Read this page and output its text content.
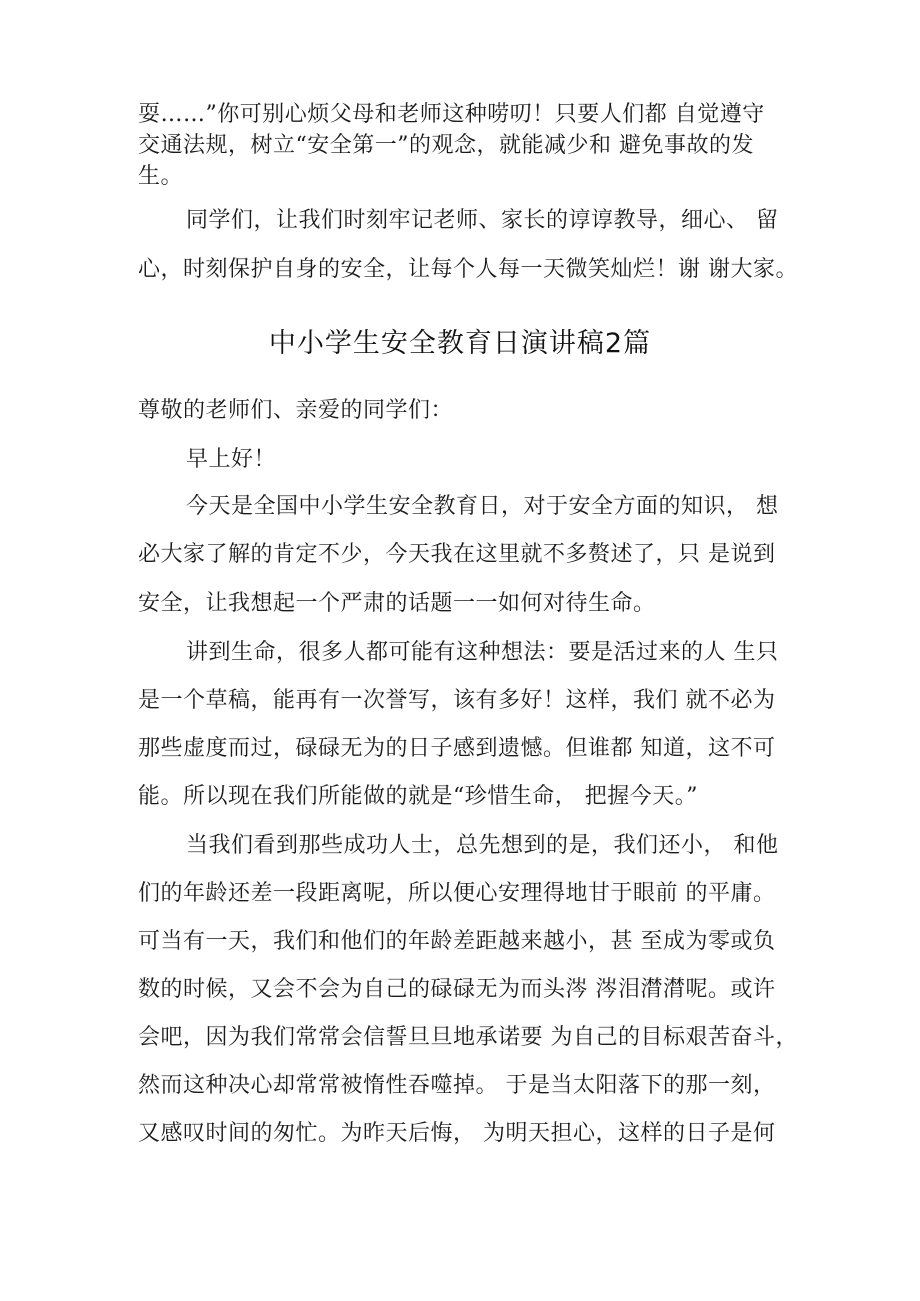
耍……”你可别心烦父母和老师这种唠叨！只要人们都 自觉遵守
交通法规，树立“安全第一”的观念，就能减少和 避免事故的发
生。
同学们，让我们时刻牢记老师、家长的谆谆教导，细心、 留
心，时刻保护自身的安全，让每个人每一天微笑灿烂！谢 谢大家。
中小学生安全教育日演讲稿2篇
尊敬的老师们、亲爱的同学们：
早上好！
今天是全国中小学生安全教育日，对于安全方面的知识， 想
必大家了解的肯定不少，今天我在这里就不多赘述了，只 是说到
安全，让我想起一个严肃的话题一一如何对待生命。
讲到生命，很多人都可能有这种想法：要是活过来的人 生只
是一个草稿，能再有一次誉写，该有多好！这样，我们 就不必为
那些虚度而过，碌碌无为的日子感到遗憾。但谁都 知道，这不可
能。所以现在我们所能做的就是“珍惜生命， 把握今天。”
当我们看到那些成功人士，总先想到的是，我们还小， 和他
们的年龄还差一段距离呢，所以便心安理得地甘于眼前 的平庸。
可当有一天，我们和他们的年龄差距越来越小，甚 至成为零或负
数的时候，又会不会为自己的碌碌无为而头涔 涔泪潸潸呢。或许
会吧，因为我们常常会信誓旦旦地承诺要 为自己的目标艰苦奋斗，
然而这种决心却常常被惰性吞噬掉。 于是当太阳落下的那一刻，
又感叹时间的匆忙。为昨天后悔， 为明天担心，这样的日子是何
